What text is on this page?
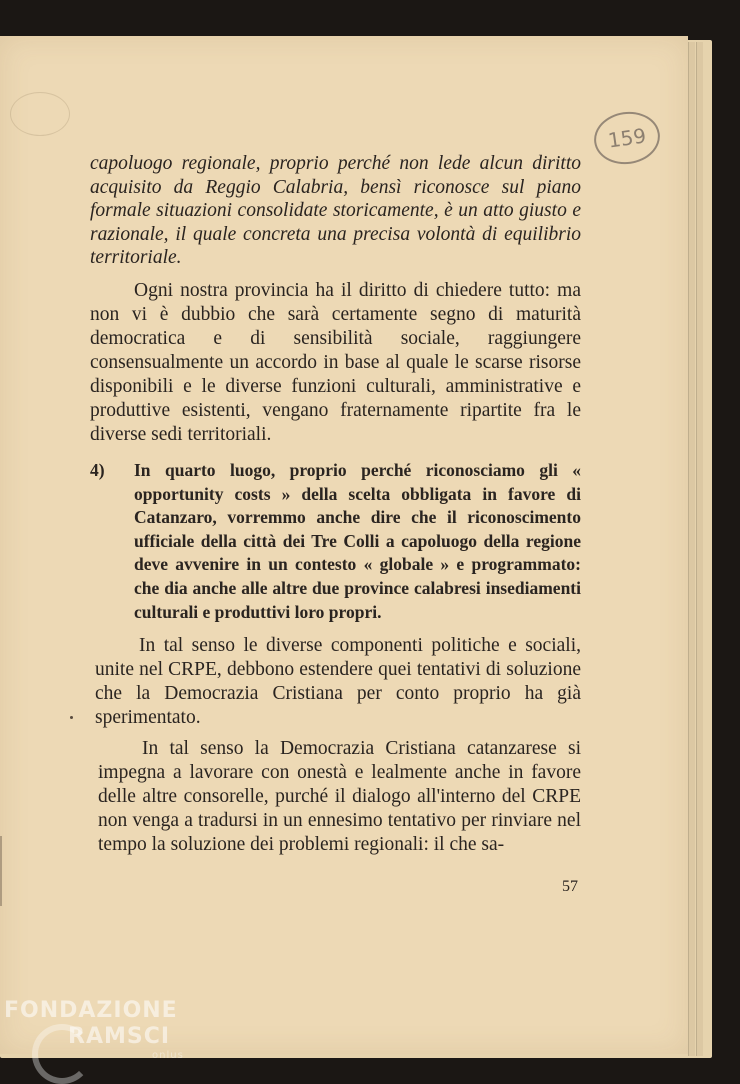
159

capoluogo regionale, proprio perché non lede alcun diritto acquisito da Reggio Calabria, bensì riconosce sul piano formale situazioni consolidate storicamente, è un atto giusto e razionale, il quale concreta una precisa volontà di equilibrio territoriale.

Ogni nostra provincia ha il diritto di chiedere tutto: ma non vi è dubbio che sarà certamente segno di maturità democratica e di sensibilità sociale, raggiungere consensualmente un accordo in base al quale le scarse risorse disponibili e le diverse funzioni culturali, amministrative e produttive esistenti, vengano fraternamente ripartite fra le diverse sedi territoriali.

4) In quarto luogo, proprio perché riconosciamo gli « opportunity costs » della scelta obbligata in favore di Catanzaro, vorremmo anche dire che il riconoscimento ufficiale della città dei Tre Colli a capoluogo della regione deve avvenire in un contesto « globale » e programmato: che dia anche alle altre due province calabresi insediamenti culturali e produttivi loro propri.

In tal senso le diverse componenti politiche e sociali, unite nel CRPE, debbono estendere quei tentativi di soluzione che la Democrazia Cristiana per conto proprio ha già sperimentato.

In tal senso la Democrazia Cristiana catanzarese si impegna a lavorare con onestà e lealmente anche in favore delle altre consorelle, purché il dialogo all'interno del CRPE non venga a tradursi in un ennesimo tentativo per rinviare nel tempo la soluzione dei problemi regionali: il che sa-

57
FONDAZIONE
RAMSCI
onlus
